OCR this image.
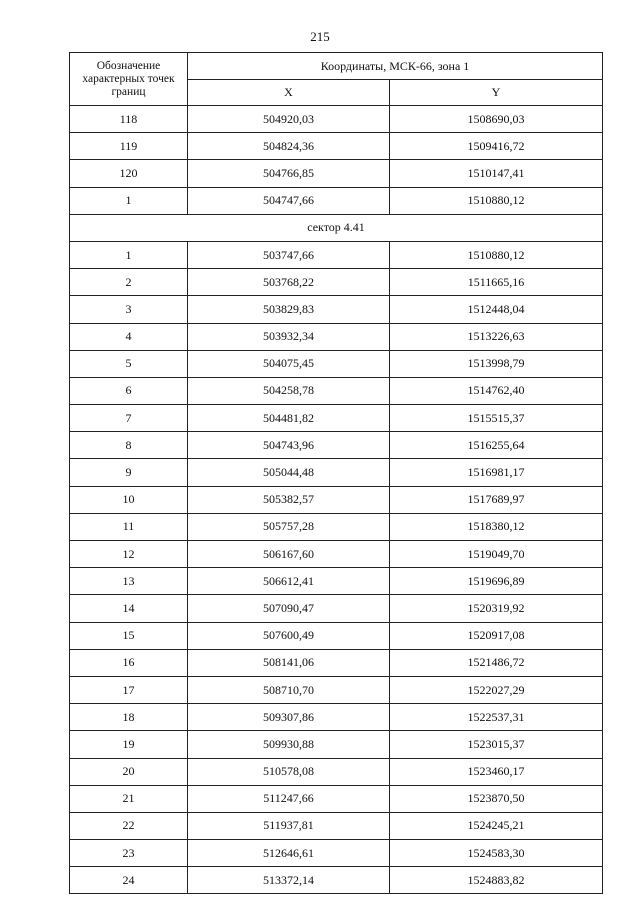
215
Обозначение характерных точек границ	Координаты, МСК-66, зона 1	
	X	Y
118	504920,03	1508690,03
119	504824,36	1509416,72
120	504766,85	1510147,41
1	504747,66	1510880,12
сектор 4.41		
1	503747,66	1510880,12
2	503768,22	1511665,16
3	503829,83	1512448,04
4	503932,34	1513226,63
5	504075,45	1513998,79
6	504258,78	1514762,40
7	504481,82	1515515,37
8	504743,96	1516255,64
9	505044,48	1516981,17
10	505382,57	1517689,97
11	505757,28	1518380,12
12	506167,60	1519049,70
13	506612,41	1519696,89
14	507090,47	1520319,92
15	507600,49	1520917,08
16	508141,06	1521486,72
17	508710,70	1522027,29
18	509307,86	1522537,31
19	509930,88	1523015,37
20	510578,08	1523460,17
21	511247,66	1523870,50
22	511937,81	1524245,21
23	512646,61	1524583,30
24	513372,14	1524883,82
